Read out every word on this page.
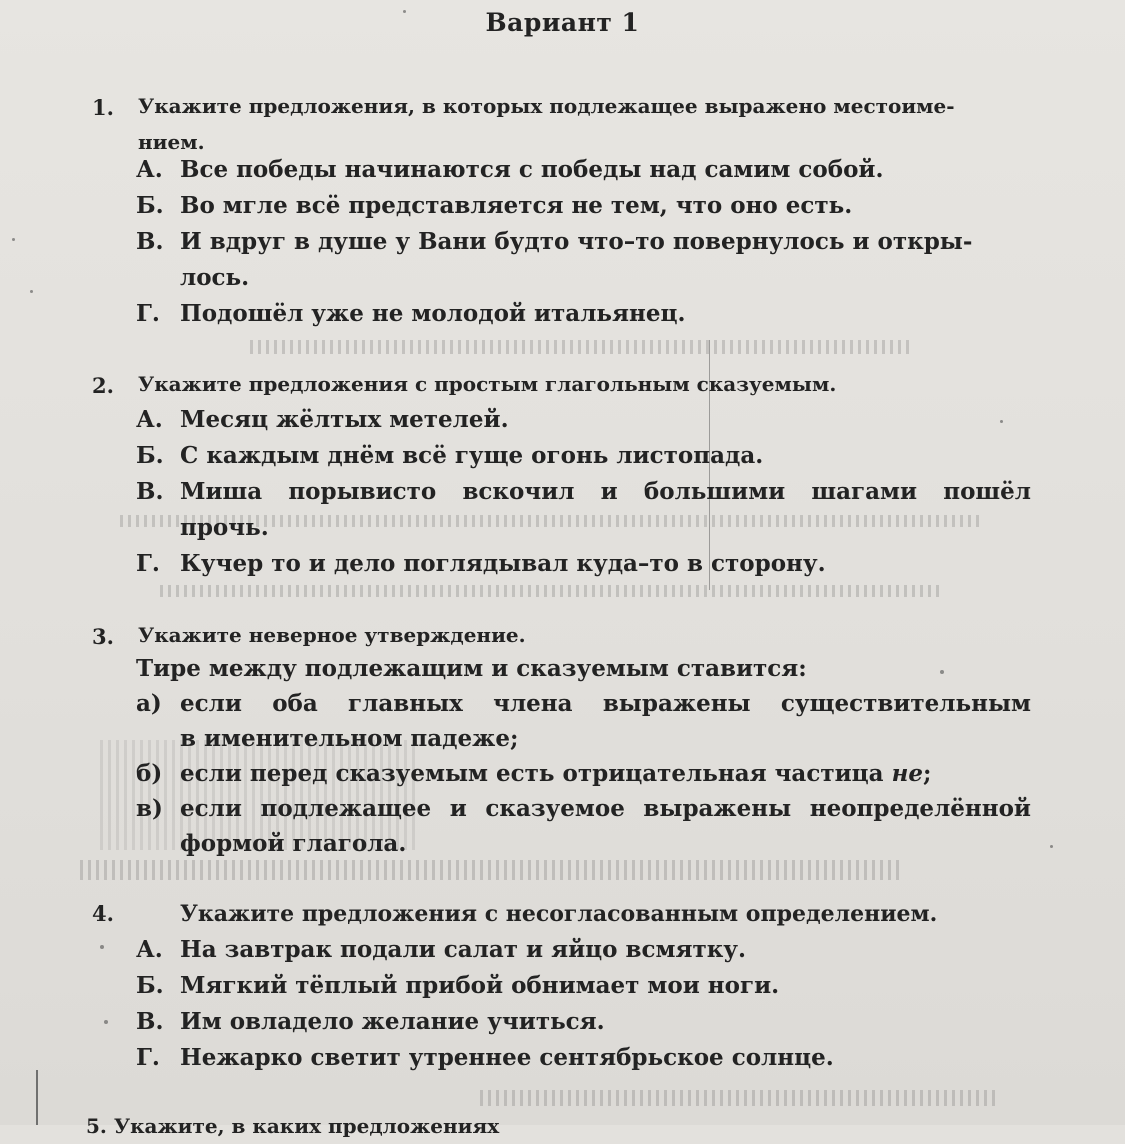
Вариант 1
1. Укажите предложения, в которых подлежащее выражено местоиме-
нием.
А. Все победы начинаются с победы над самим собой.
Б. Во мгле всё представляется не тем, что оно есть.
В. И вдруг в душе у Вани будто что–то повернулось и откры-
лось.
Г. Подошёл уже не молодой итальянец.
2. Укажите предложения с простым глагольным сказуемым.
А. Месяц жёлтых метелей.
Б. С каждым днём всё гуще огонь листопада.
В. Миша порывисто вскочил и большими шагами пошёл
прочь.
Г. Кучер то и дело поглядывал куда–то в сторону.
3. Укажите неверное утверждение.
Тире между подлежащим и сказуемым ставится:
а) если оба главных члена выражены существительным
в именительном падеже;
б) если перед сказуемым есть отрицательная частица не;
в) если подлежащее и сказуемое выражены неопределённой
формой глагола.
4.	Укажите предложения с несогласованным определением.
А. На завтрак подали салат и яйцо всмятку.
Б. Мягкий тёплый прибой обнимает мои ноги.
В. Им овладело желание учиться.
Г. Нежарко светит утреннее сентябрьское солнце.
5. Укажите, в каких предложениях
